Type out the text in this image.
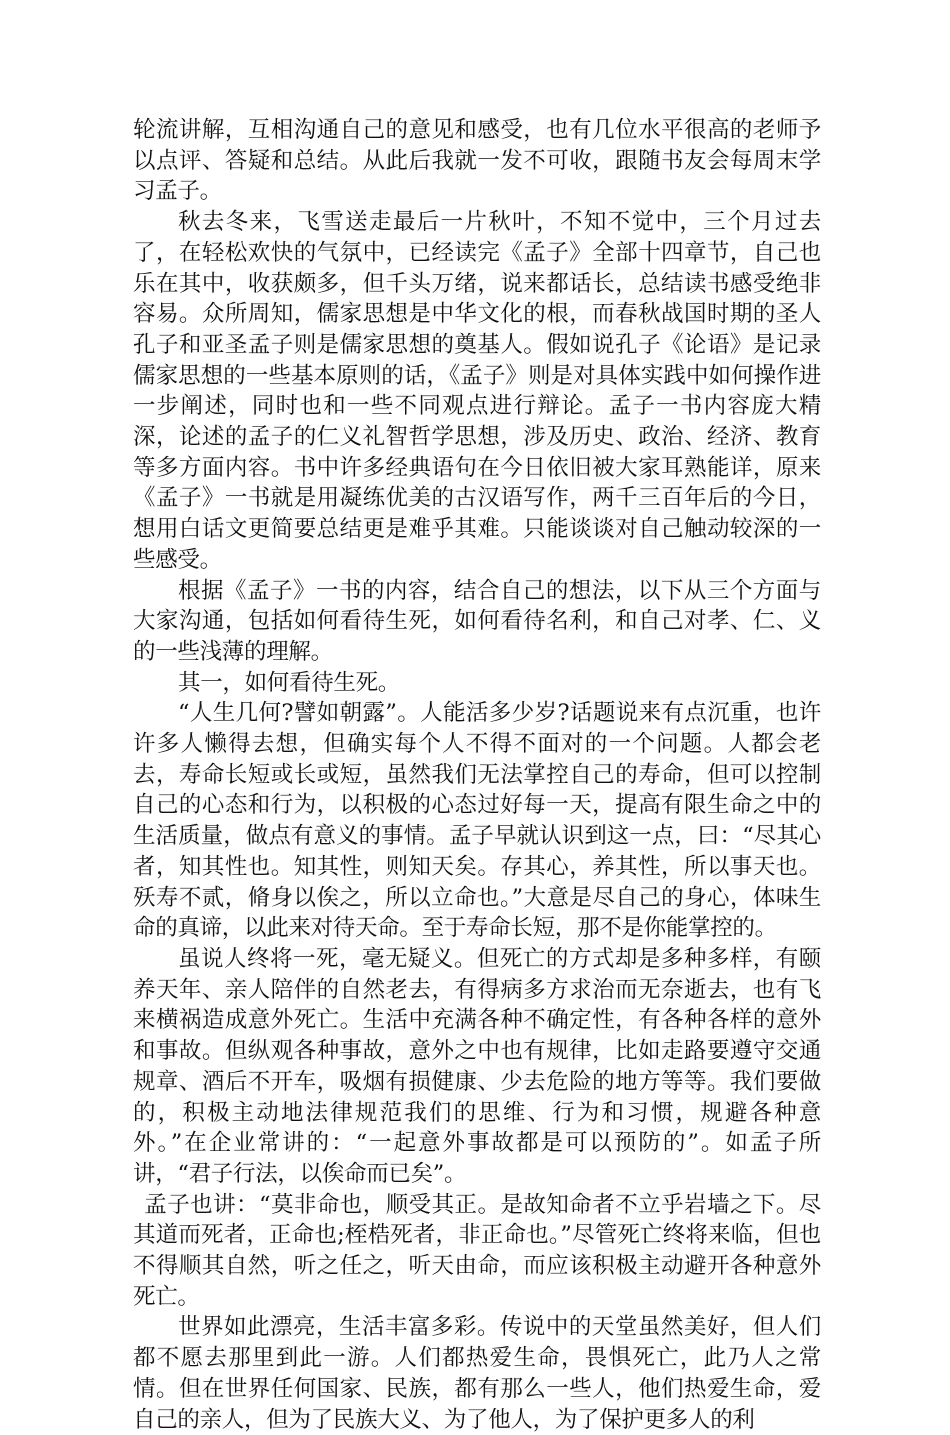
轮流讲解，互相沟通自己的意见和感受，也有几位水平很高的老师予以点评、答疑和总结。从此后我就一发不可收，跟随书友会每周末学习孟子。

秋去冬来，飞雪送走最后一片秋叶，不知不觉中，三个月过去了，在轻松欢快的气氛中，已经读完《孟子》全部十四章节，自己也乐在其中，收获颇多，但千头万绪，说来都话长，总结读书感受绝非容易。众所周知，儒家思想是中华文化的根，而春秋战国时期的圣人孔子和亚圣孟子则是儒家思想的奠基人。假如说孔子《论语》是记录儒家思想的一些基本原则的话，《孟子》则是对具体实践中如何操作进一步阐述，同时也和一些不同观点进行辩论。孟子一书内容庞大精深，论述的孟子的仁义礼智哲学思想，涉及历史、政治、经济、教育等多方面内容。书中许多经典语句在今日依旧被大家耳熟能详，原来《孟子》一书就是用凝练优美的古汉语写作，两千三百年后的今日，想用白话文更简要总结更是难乎其难。只能谈谈对自己触动较深的一些感受。

根据《孟子》一书的内容，结合自己的想法，以下从三个方面与大家沟通，包括如何看待生死，如何看待名利，和自己对孝、仁、义的一些浅薄的理解。

其一，如何看待生死。

“人生几何?譬如朝露”。人能活多少岁?话题说来有点沉重，也许许多人懒得去想，但确实每个人不得不面对的一个问题。人都会老去，寿命长短或长或短，虽然我们无法掌控自己的寿命，但可以控制自己的心态和行为，以积极的心态过好每一天，提高有限生命之中的生活质量，做点有意义的事情。孟子早就认识到这一点，曰：“尽其心者，知其性也。知其性，则知天矣。存其心，养其性，所以事天也。殀寿不贰，脩身以俟之，所以立命也。”大意是尽自己的身心，体味生命的真谛，以此来对待天命。至于寿命长短，那不是你能掌控的。

虽说人终将一死，毫无疑义。但死亡的方式却是多种多样，有颐养天年、亲人陪伴的自然老去，有得病多方求治而无奈逝去，也有飞来横祸造成意外死亡。生活中充满各种不确定性，有各种各样的意外和事故。但纵观各种事故，意外之中也有规律，比如走路要遵守交通规章、酒后不开车，吸烟有损健康、少去危险的地方等等。我们要做的，积极主动地法律规范我们的思维、行为和习惯，规避各种意外。”在企业常讲的：“一起意外事故都是可以预防的”。如孟子所讲，“君子行法，以俟命而已矣”。

孟子也讲：“莫非命也，顺受其正。是故知命者不立乎岩墙之下。尽其道而死者，正命也;桎梏死者，非正命也。”尽管死亡终将来临，但也不得顺其自然，听之任之，听天由命，而应该积极主动避开各种意外死亡。

世界如此漂亮，生活丰富多彩。传说中的天堂虽然美好，但人们都不愿去那里到此一游。人们都热爱生命，畏惧死亡，此乃人之常情。但在世界任何国家、民族，都有那么一些人，他们热爱生命，爱自己的亲人，但为了民族大义、为了他人，为了保护更多人的利
